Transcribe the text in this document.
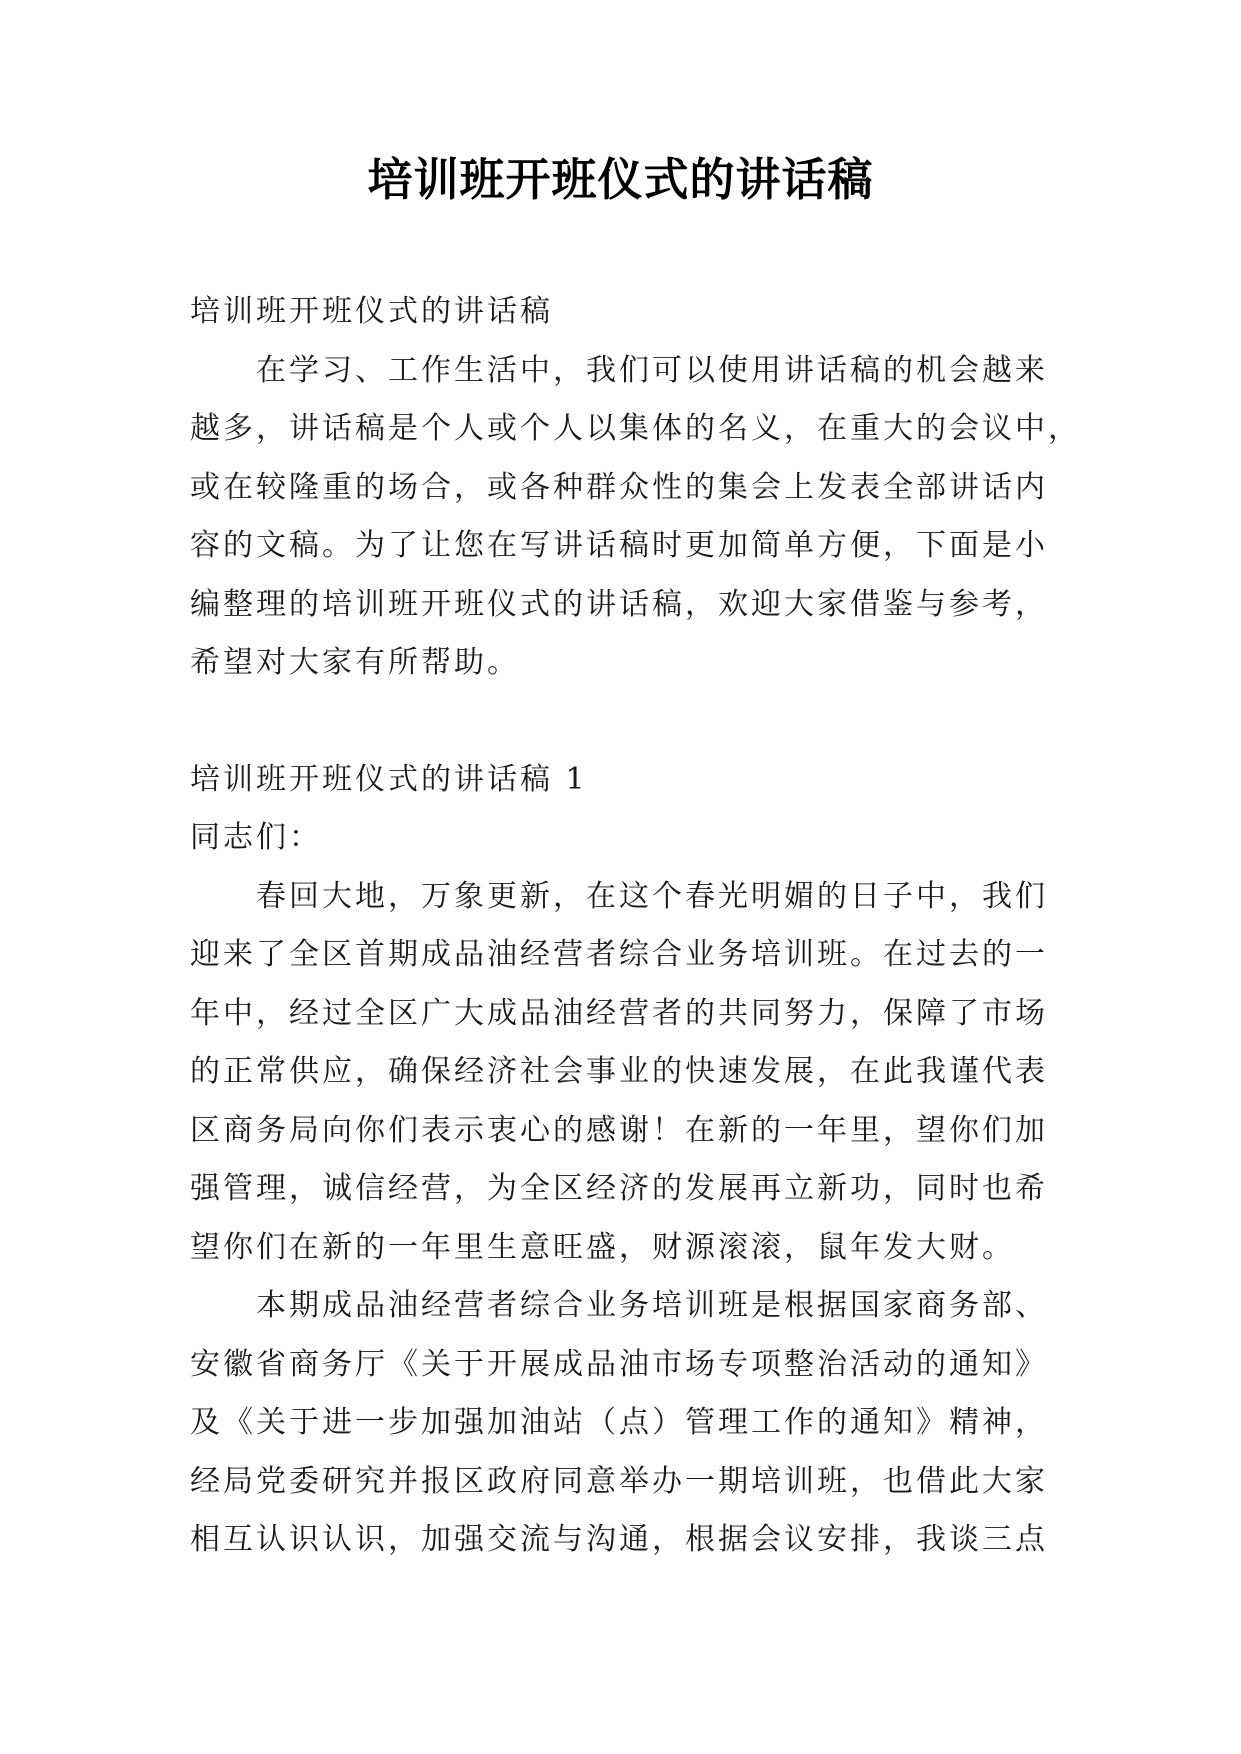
培训班开班仪式的讲话稿
培训班开班仪式的讲话稿
在学习、工作生活中，我们可以使用讲话稿的机会越来
越多，讲话稿是个人或个人以集体的名义，在重大的会议中，
或在较隆重的场合，或各种群众性的集会上发表全部讲话内
容的文稿。为了让您在写讲话稿时更加简单方便，下面是小
编整理的培训班开班仪式的讲话稿，欢迎大家借鉴与参考，
希望对大家有所帮助。
培训班开班仪式的讲话稿 1
同志们：
春回大地，万象更新，在这个春光明媚的日子中，我们
迎来了全区首期成品油经营者综合业务培训班。在过去的一
年中，经过全区广大成品油经营者的共同努力，保障了市场
的正常供应，确保经济社会事业的快速发展，在此我谨代表
区商务局向你们表示衷心的感谢！在新的一年里，望你们加
强管理，诚信经营，为全区经济的发展再立新功，同时也希
望你们在新的一年里生意旺盛，财源滚滚，鼠年发大财。
本期成品油经营者综合业务培训班是根据国家商务部、
安徽省商务厅《关于开展成品油市场专项整治活动的通知》
及《关于进一步加强加油站（点）管理工作的通知》精神，
经局党委研究并报区政府同意举办一期培训班，也借此大家
相互认识认识，加强交流与沟通，根据会议安排，我谈三点
